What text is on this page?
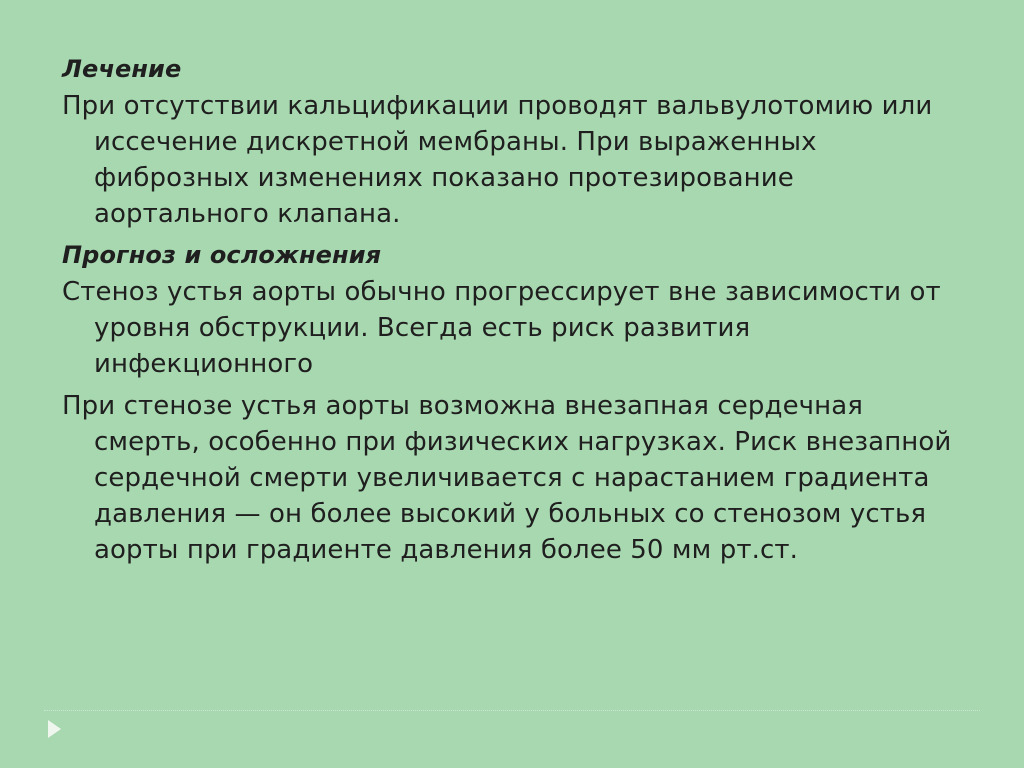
Лечение
При отсутствии кальцификации проводят вальвулотомию или иссечение дискретной мембраны. При выраженных фиброзных изменениях показано протезирование аортального клапана.
Прогноз и осложнения
Стеноз устья аорты обычно прогрессирует вне зависимости от уровня обструкции. Всегда есть риск развития инфекционного
При стенозе устья аорты возможна внезапная сердечная смерть, особенно при физических нагрузках. Риск внезапной сердечной смерти увеличивается с нарастанием градиента давления — он более высокий у больных со стенозом устья аорты при градиенте давления более 50 мм рт.ст.
